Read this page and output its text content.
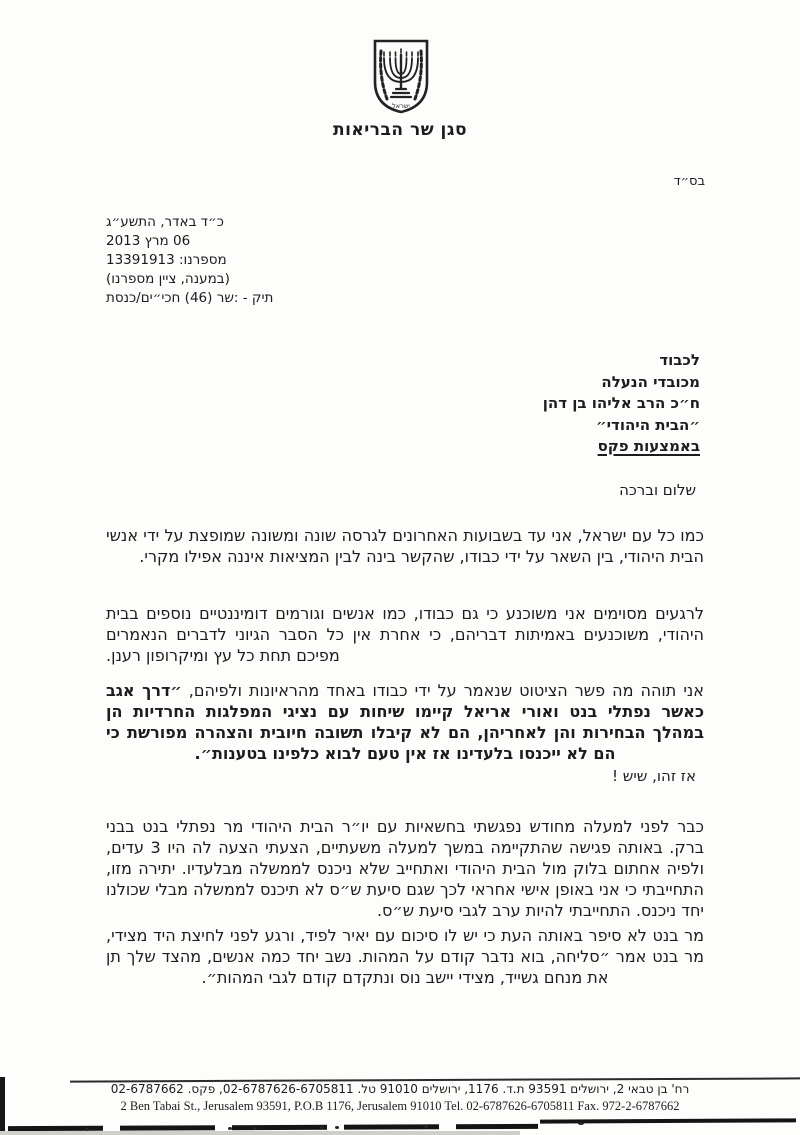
ישראל
סגן שר הבריאות
בס״ד
כ״ד באדר, התשע״ג
06 מרץ 2013
מספרנו: 13391913
(במענה, ציין מספרנו)
תיק - :שר (46) חכי״ים/כנסת
לכבוד
מכובדי הנעלה
ח״כ הרב אליהו בן דהן
״הבית היהודי״
באמצעות פקס
שלום וברכה

כמו כל עם ישראל, אני עד בשבועות האחרונים לגרסה שונה ומשונה שמופצת על ידי אנשי הבית היהודי, בין השאר על ידי כבודו, שהקשר בינה לבין המציאות איננה אפילו מקרי.

לרגעים מסוימים אני משוכנע כי גם כבודו, כמו אנשים וגורמים דומיננטיים נוספים בבית היהודי, משוכנעים באמיתות דבריהם, כי אחרת אין כל הסבר הגיוני לדברים הנאמרים מפיכם תחת כל עץ ומיקרופון רענן.

אני תוהה מה פשר הציטוט שנאמר על ידי כבודו באחד מהראיונות ולפיהם, ״דרך אגב כאשר נפתלי בנט ואורי אריאל קיימו שיחות עם נציגי המפלגות החרדיות הן במהלך הבחירות והן לאחריהן, הם לא קיבלו תשובה חיובית והצהרה מפורשת כי הם לא ייכנסו בלעדינו אז אין טעם לבוא כלפינו בטענות״.

אז זהו, שיש !

כבר לפני למעלה מחודש נפגשתי בחשאיות עם יו״ר הבית היהודי מר נפתלי בנט בבני ברק. באותה פגישה שהתקיימה במשך למעלה משעתיים, הצעתי הצעה לה היו 3 עדים, ולפיה אחתום בלוק מול הבית היהודי ואתחייב שלא ניכנס לממשלה מבלעדיו. יתירה מזו, התחייבתי כי אני באופן אישי אחראי לכך שגם סיעת ש״ס לא תיכנס לממשלה מבלי שכולנו יחד ניכנס. התחייבתי להיות ערב לגבי סיעת ש״ס.

מר בנט לא סיפר באותה העת כי יש לו סיכום עם יאיר לפיד, ורגע לפני לחיצת היד מצידי, מר בנט אמר ״סליחה, בוא נדבר קודם על המהות. נשב יחד כמה אנשים, מהצד שלך תן את מנחם גשייד, מצידי יישב נוס ונתקדם קודם לגבי המהות״.

רח' בן טבאי 2, ירושלים 93591 ת.ד. 1176, ירושלים 91010 טל. 02-6787626-6705811, פקס. 02-6787662
2 Ben Tabai St., Jerusalem 93591, P.O.B 1176, Jerusalem 91010 Tel. 02-6787626-6705811 Fax. 972-2-6787662
